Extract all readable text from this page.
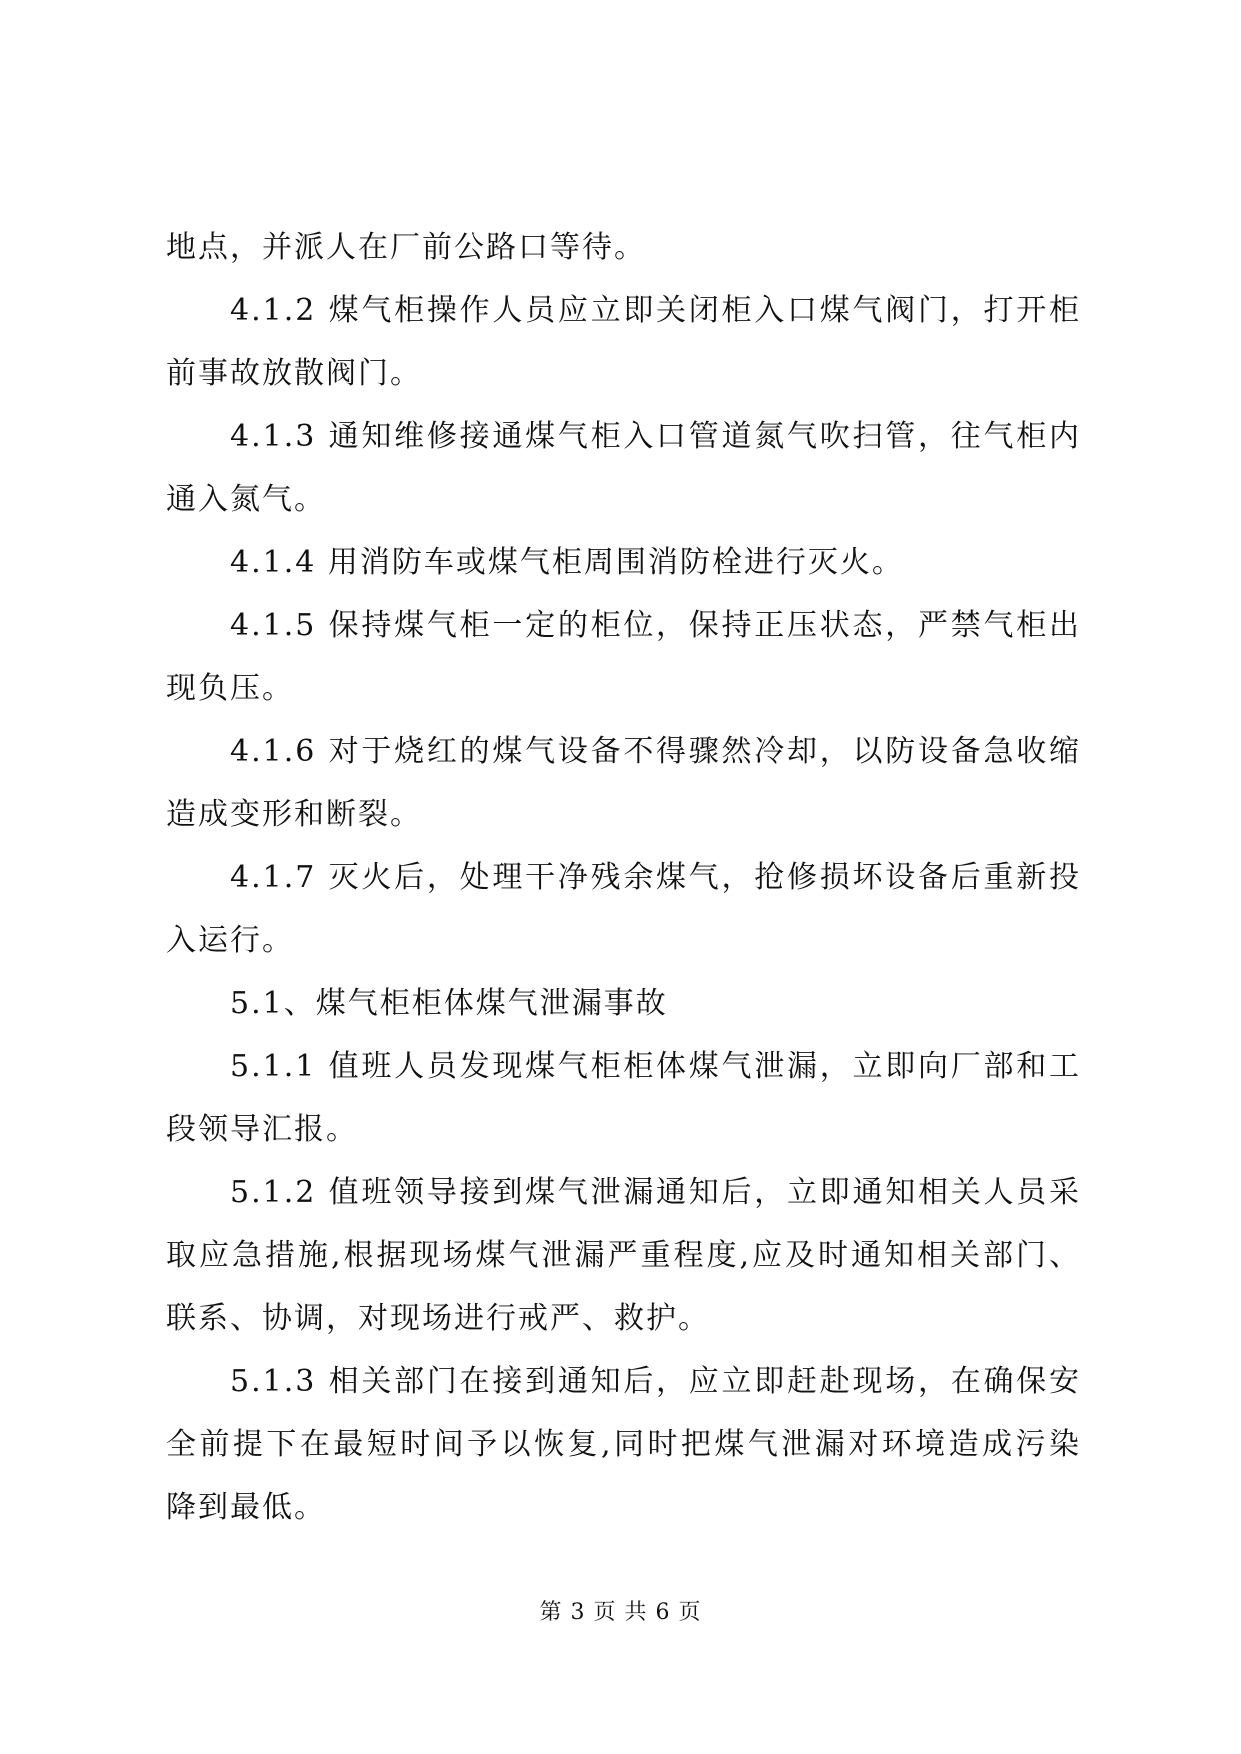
地点，并派人在厂前公路口等待。
4.1.2 煤气柜操作人员应立即关闭柜入口煤气阀门，打开柜
前事故放散阀门。
4.1.3 通知维修接通煤气柜入口管道氮气吹扫管，往气柜内
通入氮气。
4.1.4 用消防车或煤气柜周围消防栓进行灭火。
4.1.5 保持煤气柜一定的柜位，保持正压状态，严禁气柜出
现负压。
4.1.6 对于烧红的煤气设备不得骤然冷却，以防设备急收缩
造成变形和断裂。
4.1.7 灭火后，处理干净残余煤气，抢修损坏设备后重新投
入运行。
5.1、煤气柜柜体煤气泄漏事故
5.1.1 值班人员发现煤气柜柜体煤气泄漏，立即向厂部和工
段领导汇报。
5.1.2 值班领导接到煤气泄漏通知后，立即通知相关人员采
取应急措施,根据现场煤气泄漏严重程度,应及时通知相关部门、
联系、协调，对现场进行戒严、救护。
5.1.3 相关部门在接到通知后，应立即赶赴现场，在确保安
全前提下在最短时间予以恢复,同时把煤气泄漏对环境造成污染
降到最低。
第 3 页 共 6 页
